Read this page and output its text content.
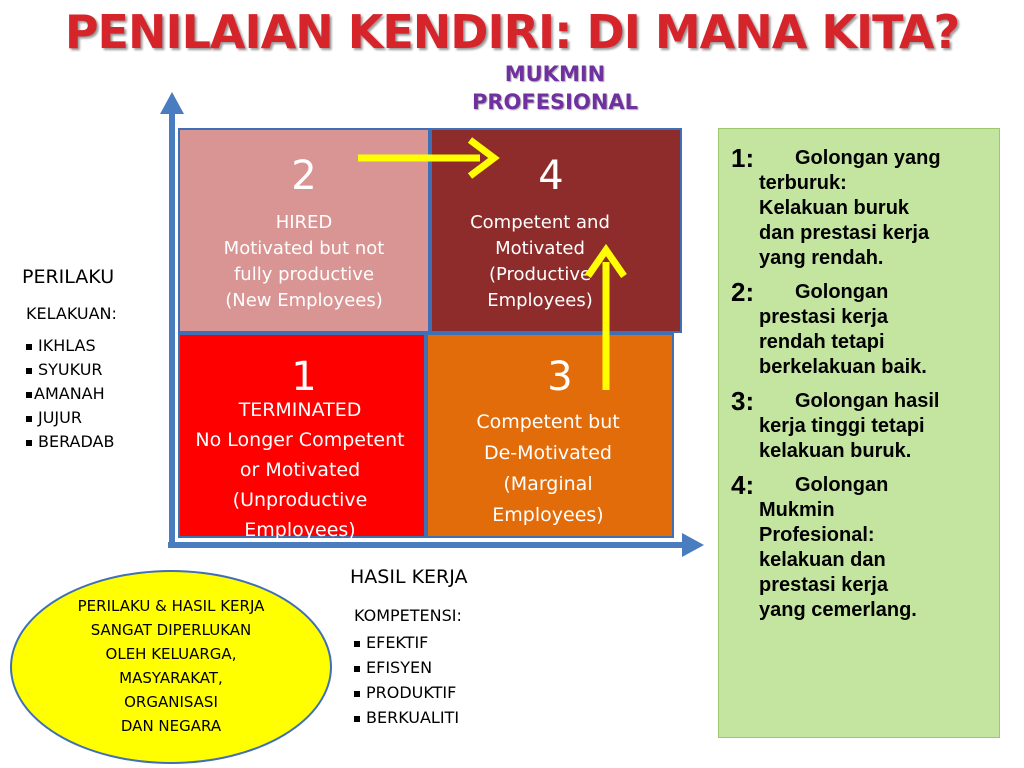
PENILAIAN KENDIRI: DI MANA KITA?
MUKMIN
PROFESIONAL
2
HIRED
Motivated but not
fully productive
(New Employees)
4
Competent and
Motivated
(Productive
Employees)
1
TERMINATED
No Longer Competent
or Motivated
(Unproductive
Employees)
3
Competent but
De-Motivated
(Marginal
Employees)
PERILAKU
KELAKUAN:
IKHLAS
SYUKUR
AMANAH
JUJUR
BERADAB
HASIL KERJA
KOMPETENSI:
EFEKTIF
EFISYEN
PRODUKTIF
BERKUALITI
PERILAKU & HASIL KERJA
SANGAT DIPERLUKAN
OLEH KELUARGA,
MASYARAKAT,
ORGANISASI
DAN NEGARA
1:	Golongan yang
terburuk:
Kelakuan buruk
dan prestasi kerja
yang rendah.
2:	Golongan
prestasi kerja
rendah tetapi
berkelakuan baik.
3:	Golongan hasil
kerja tinggi tetapi
kelakuan buruk.
4:	Golongan
Mukmin
Profesional:
kelakuan dan
prestasi kerja
yang cemerlang.
